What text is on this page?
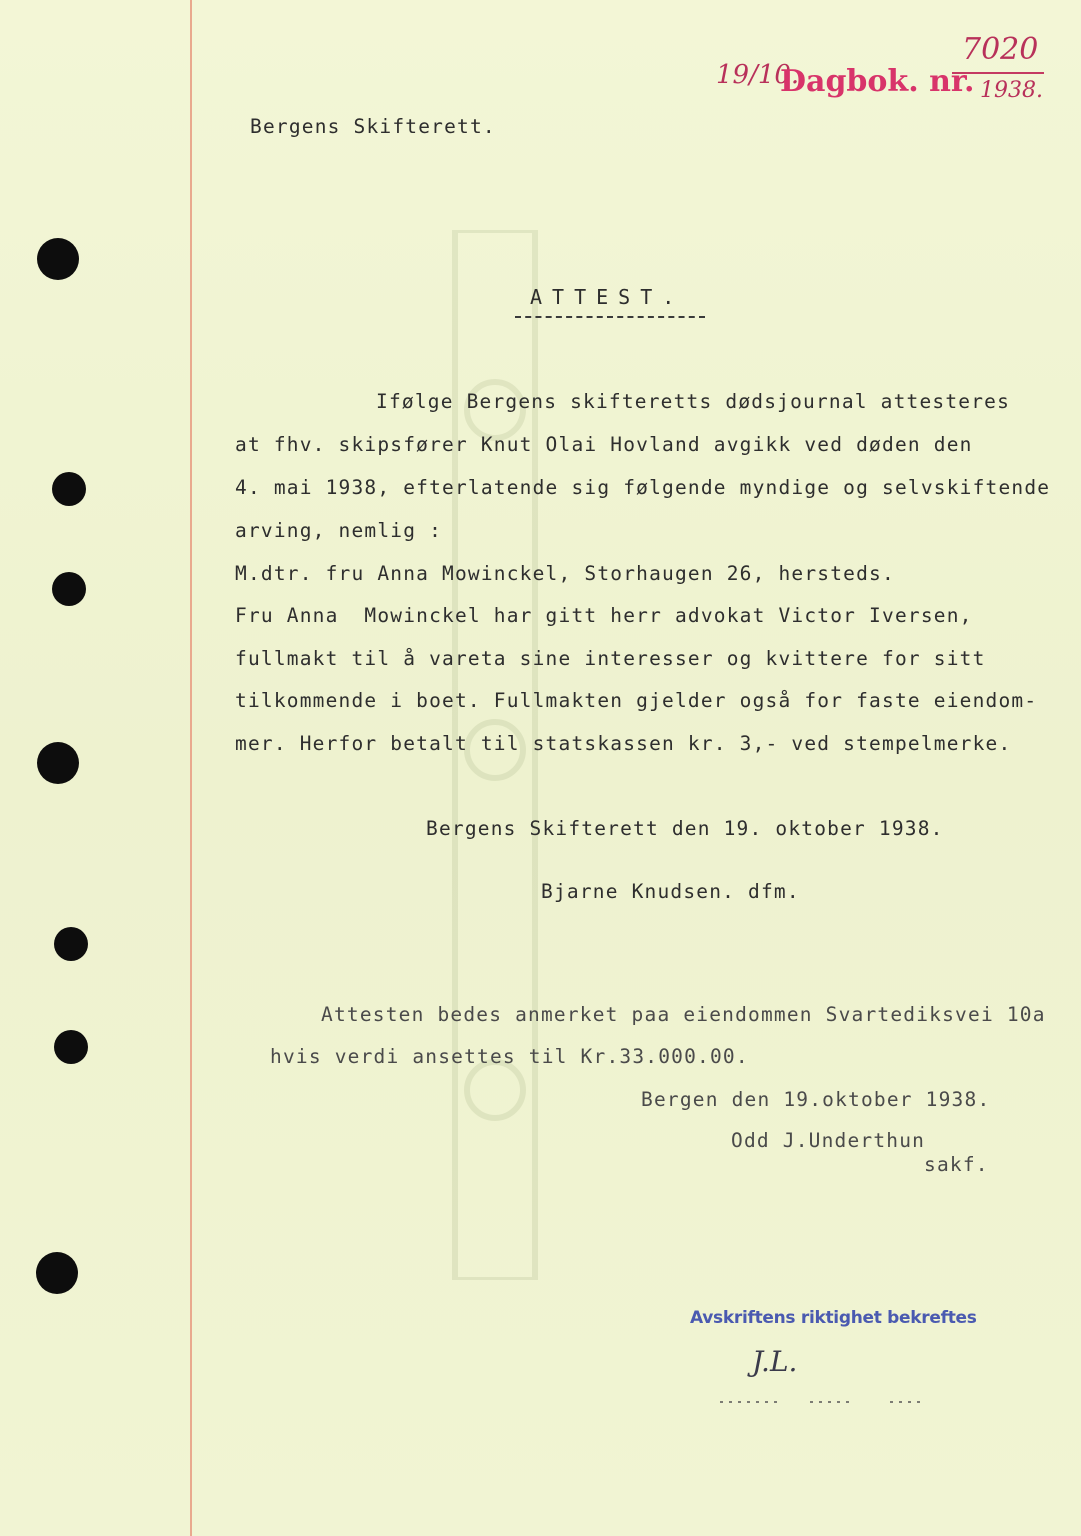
19/10.
Dagbok. nr.
7020
1938.
Bergens Skifterett.
ATTEST.
Ifølge Bergens skifteretts dødsjournal attesteres
at fhv. skipsfører Knut Olai Hovland avgikk ved døden den
4. mai 1938, efterlatende sig følgende myndige og selvskiftende
arving, nemlig :
M.dtr. fru Anna Mowinckel, Storhaugen 26, hersteds.
Fru Anna  Mowinckel har gitt herr advokat Victor Iversen,
fullmakt til å vareta sine interesser og kvittere for sitt
tilkommende i boet. Fullmakten gjelder også for faste eiendom-
mer. Herfor betalt til statskassen kr. 3,- ved stempelmerke.
Bergens Skifterett den 19. oktober 1938.
Bjarne Knudsen. dfm.
Attesten bedes anmerket paa eiendommen Svartediksvei 10a
hvis verdi ansettes til Kr.33.000.00.
Bergen den 19.oktober 1938.
Odd J.Underthun
sakf.
Avskriftens riktighet bekreftes
J.L.
